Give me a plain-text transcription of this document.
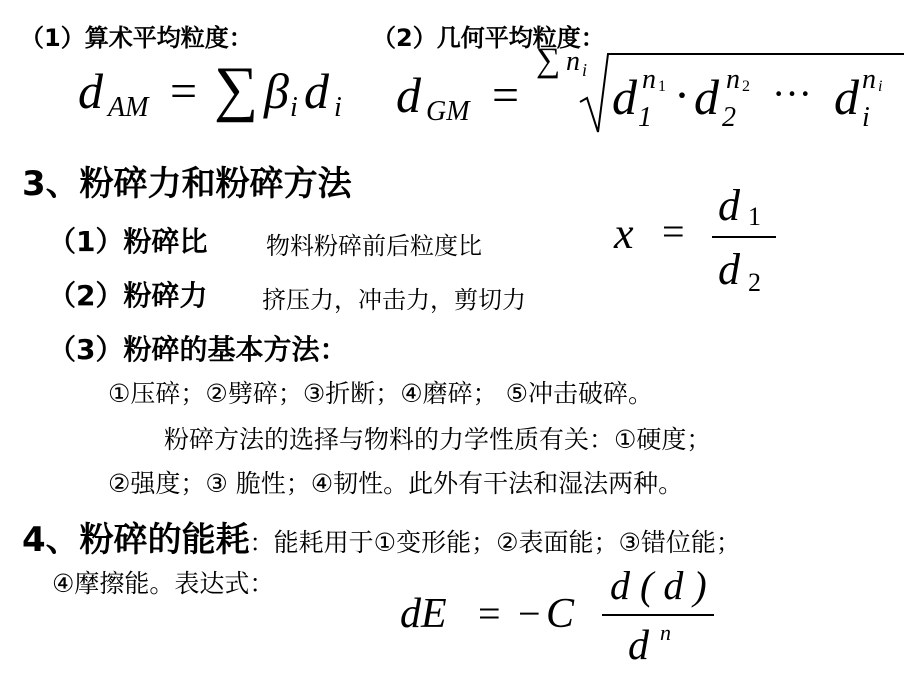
（1）算术平均粒度：	（2）几何平均粒度：
d AM = ∑ β i d i d GM =
∑ n i d 1
n 1 · d 2
n 2 ··· d i
n i
3、粉碎力和粉碎方法
（1）粉碎比 物料粉碎前后粒度比
（2）粉碎力 挤压力，冲击力，剪切力
x =
d 1
d 2
（3）粉碎的基本方法：
①压碎；②劈碎；③折断；④磨碎； ⑤冲击破碎。
粉碎方法的选择与物料的力学性质有关：①硬度；
②强度；③ 脆性；④韧性。此外有干法和湿法两种。
4、粉碎的能耗：能耗用于①变形能；②表面能；③错位能；
④摩擦能。表达式：
dE = − C
d ( d )
d n
